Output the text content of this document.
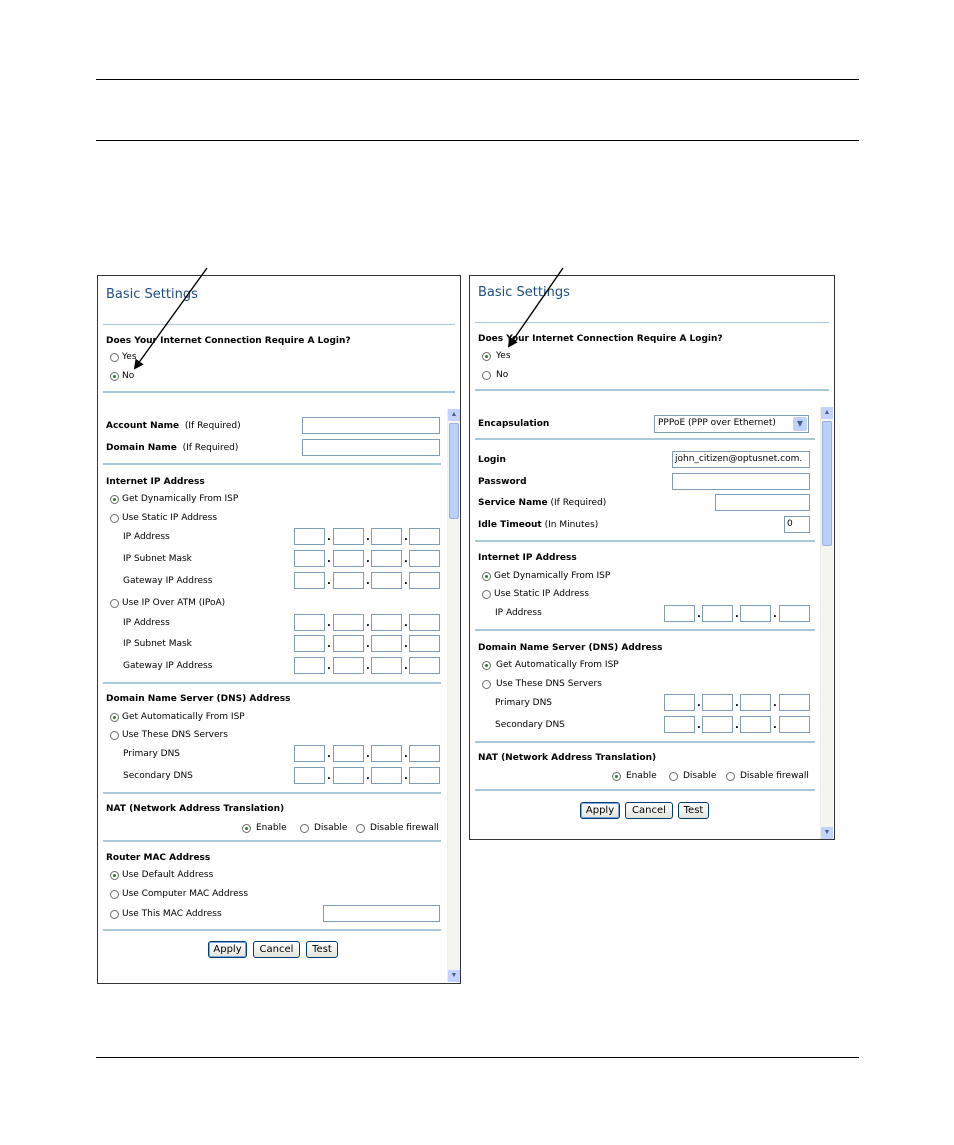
Basic Settings
Does Your Internet Connection Require A Login?
Yes
No
Account Name (If Required)
Domain Name (If Required)
Internet IP Address
Get Dynamically From ISP
Use Static IP Address
IP Address	.	.	.
IP Subnet Mask	.	.	.
Gateway IP Address	.	.	.
Use IP Over ATM (IPoA)
IP Address	.	.	.
IP Subnet Mask	.	.	.
Gateway IP Address	.	.	.
Domain Name Server (DNS) Address
Get Automatically From ISP
Use These DNS Servers
Primary DNS	.	.	.
Secondary DNS	.	.	.
NAT (Network Address Translation)
Enable	Disable	Disable firewall
Router MAC Address
Use Default Address
Use Computer MAC Address
Use This MAC Address
Apply	Cancel	Test
▲
▼
Basic Settings
Does Your Internet Connection Require A Login?
Yes
No
Encapsulation	PPPoE (PPP over Ethernet)	▼
Login	john_citizen@optusnet.com.
Password
Service Name (If Required)
Idle Timeout (In Minutes)	0
Internet IP Address
Get Dynamically From ISP
Use Static IP Address
IP Address	.	.	.
Domain Name Server (DNS) Address
Get Automatically From ISP
Use These DNS Servers
Primary DNS	.	.	.
Secondary DNS	.	.	.
NAT (Network Address Translation)
Enable	Disable	Disable firewall
Apply	Cancel	Test
▲
▼
